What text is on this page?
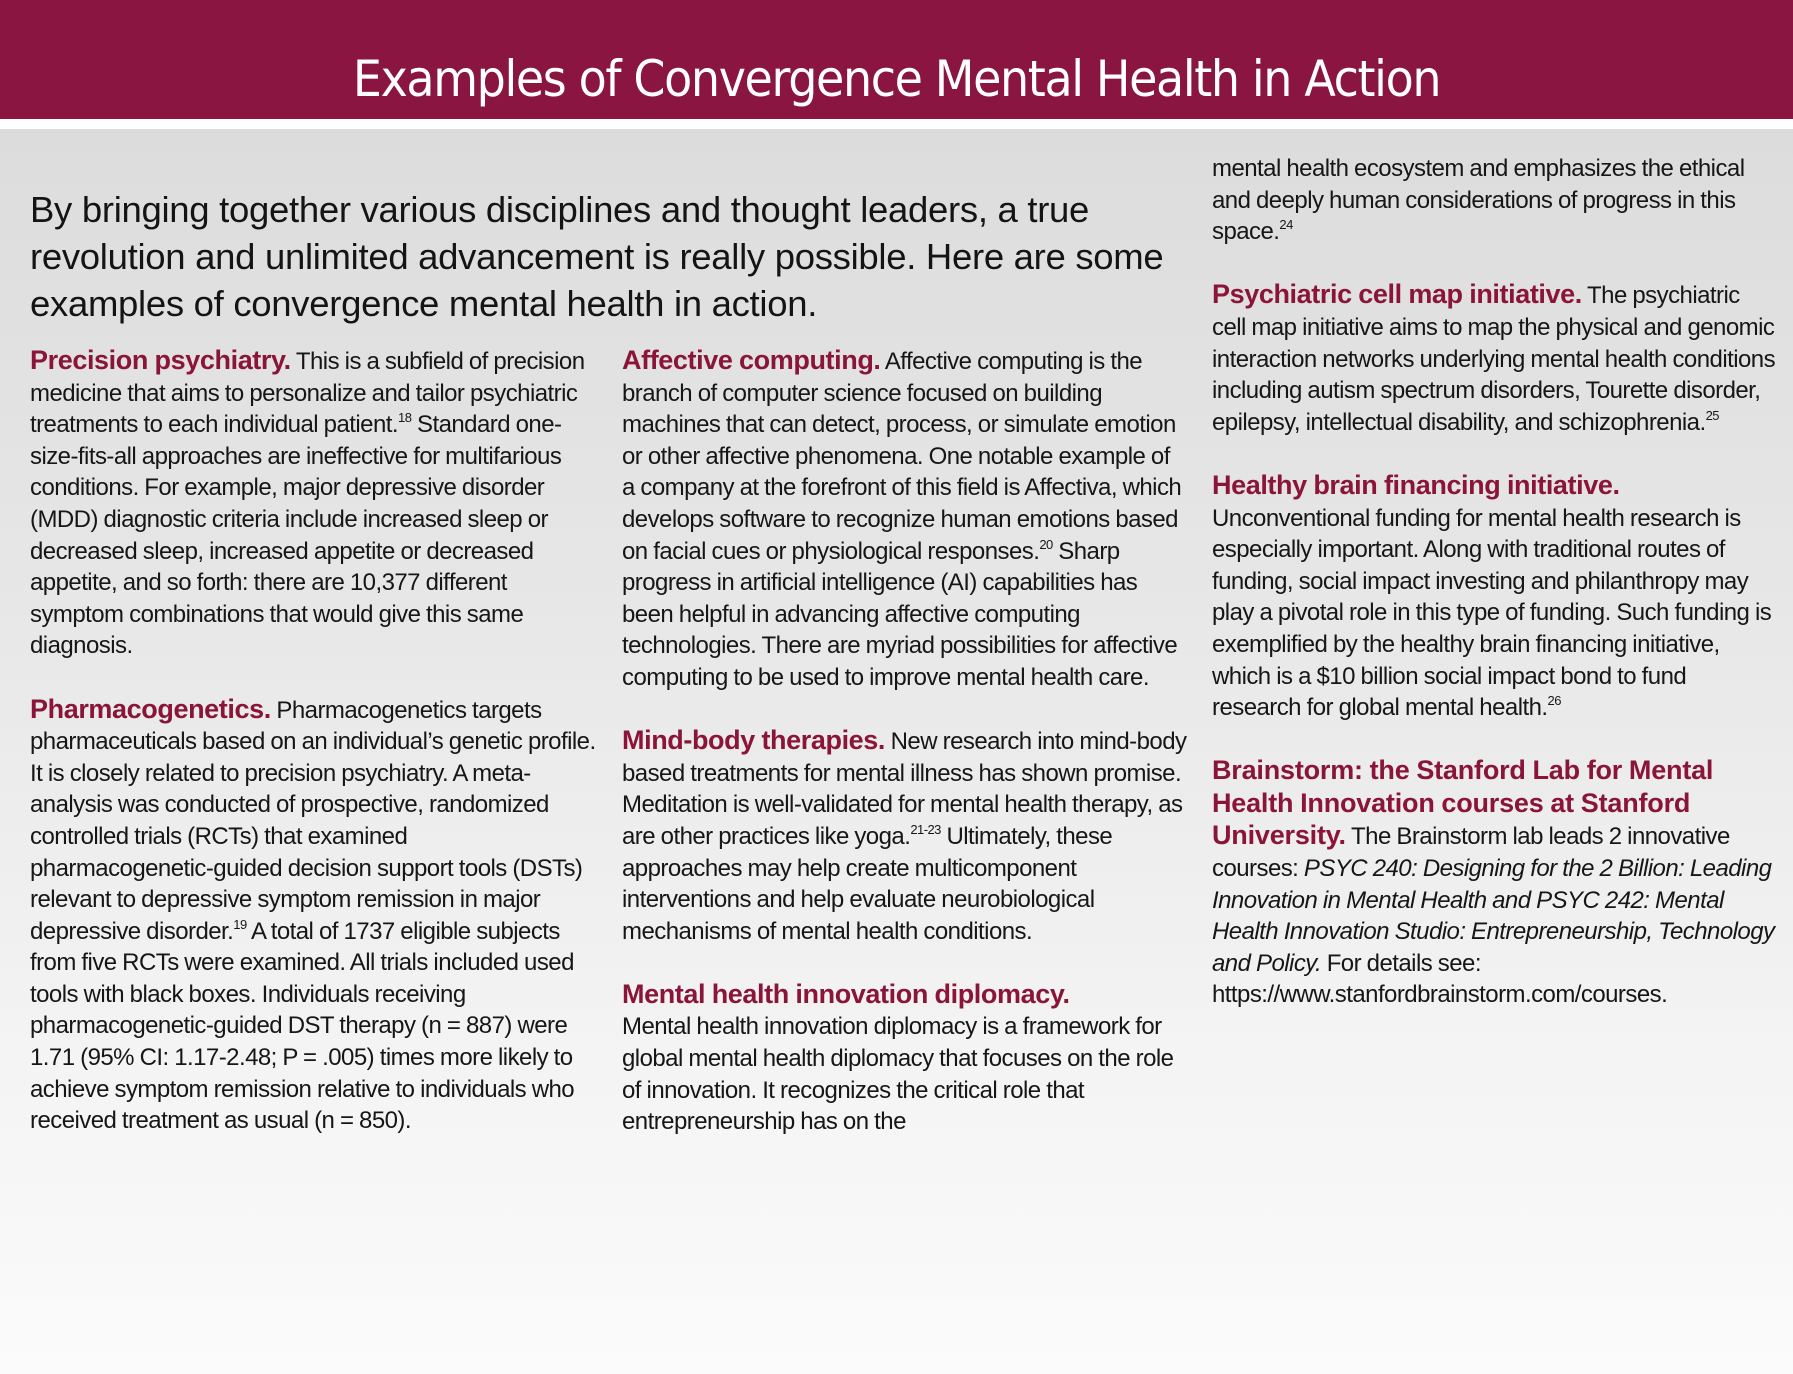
Examples of Convergence Mental Health in Action

By bringing together various disciplines and thought leaders, a true revolution and unlimited advancement is really possible. Here are some examples of convergence mental health in action.

Precision psychiatry. This is a subfield of precision medicine that aims to personalize and tailor psychiatric treatments to each individual patient.$^{18}$ Standard one-size-fits-all approaches are ineffective for multifarious conditions. For example, major depressive disorder (MDD) diagnostic criteria include increased sleep or decreased sleep, increased appetite or decreased appetite, and so forth: there are 10,377 different symptom combinations that would give this same diagnosis.

Pharmacogenetics. Pharmacogenetics targets pharmaceuticals based on an individual’s genetic profile. It is closely related to precision psychiatry. A meta-analysis was conducted of prospective, randomized controlled trials (RCTs) that examined pharmacogenetic-guided decision support tools (DSTs) relevant to depressive symptom remission in major depressive disorder.$^{19}$ A total of 1737 eligible subjects from five RCTs were examined. All trials included used tools with black boxes. Individuals receiving pharmacogenetic-guided DST therapy (n = 887) were 1.71 (95% CI: 1.17-2.48; P = .005) times more likely to achieve symptom remission relative to individuals who received treatment as usual (n = 850).

Affective computing. Affective computing is the branch of computer science focused on building machines that can detect, process, or simulate emotion or other affective phenomena. One notable example of a company at the forefront of this field is Affectiva, which develops software to recognize human emotions based on facial cues or physiological responses.$^{20}$ Sharp progress in artificial intelligence (AI) capabilities has been helpful in advancing affective computing technologies. There are myriad possibilities for affective computing to be used to improve mental health care.

Mind-body therapies. New research into mind-body based treatments for mental illness has shown promise. Meditation is well-validated for mental health therapy, as are other practices like yoga.$^{21-23}$ Ultimately, these approaches may help create multicomponent interventions and help evaluate neurobiological mechanisms of mental health conditions.

Mental health innovation diplomacy.
Mental health innovation diplomacy is a framework for global mental health diplomacy that focuses on the role of innovation. It recognizes the critical role that entrepreneurship has on the

mental health ecosystem and emphasizes the ethical and deeply human considerations of progress in this space.$^{24}$

Psychiatric cell map initiative. The psychiatric cell map initiative aims to map the physical and genomic interaction networks underlying mental health conditions including autism spectrum disorders, Tourette disorder, epilepsy, intellectual disability, and schizophrenia.$^{25}$

Healthy brain financing initiative. Unconventional funding for mental health research is especially important. Along with traditional routes of funding, social impact investing and philanthropy may play a pivotal role in this type of funding. Such funding is exemplified by the healthy brain financing initiative, which is a $10 billion social impact bond to fund research for global mental health.$^{26}$

Brainstorm: the Stanford Lab for Mental Health Innovation courses at Stanford University. The Brainstorm lab leads 2 innovative courses: PSYC 240: Designing for the 2 Billion: Leading Innovation in Mental Health and PSYC 242: Mental Health Innovation Studio: Entrepreneurship, Technology and Policy. For details see: https://www.stanfordbrainstorm.com/courses.
